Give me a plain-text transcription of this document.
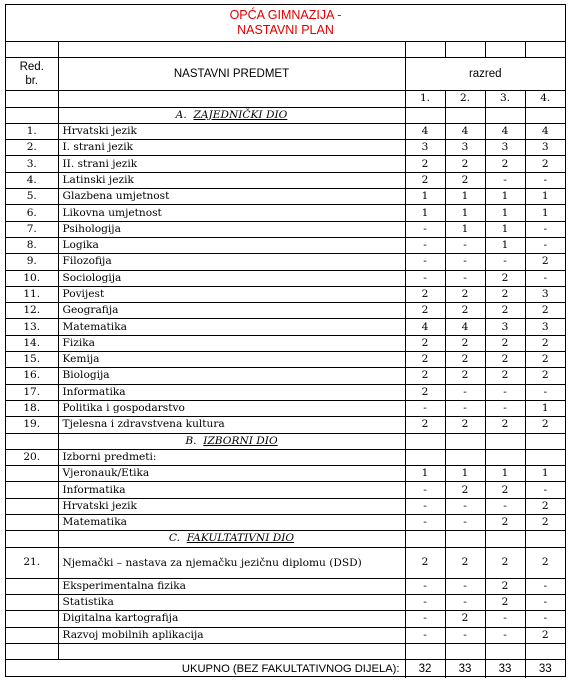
OPĆA GIMNAZIJA -
NASTAVNI PLAN

Red.
br.	NASTAVNI PREDMET	razred			

		1.	2.	3.	4.
	A. ZAJEDNIČKI DIO				
1.	Hrvatski jezik	4	4	4	4
2.	I. strani jezik	3	3	3	3
3.	II. strani jezik	2	2	2	2
4.	Latinski jezik	2	2	-	-
5.	Glazbena umjetnost	1	1	1	1
6.	Likovna umjetnost	1	1	1	1
7.	Psihologija	-	1	1	-
8.	Logika	-	-	1	-
9.	Filozofija	-	-	-	2
10.	Sociologija	-	-	2	-
11.	Povijest	2	2	2	3
12.	Geografija	2	2	2	2
13.	Matematika	4	4	3	3
14.	Fizika	2	2	2	2
15.	Kemija	2	2	2	2
16.	Biologija	2	2	2	2
17.	Informatika	2	-	-	-
18.	Politika i gospodarstvo	-	-	-	1
19.	Tjelesna i zdravstvena kultura	2	2	2	2
	B. IZBORNI DIO				
20.	Izborni predmeti:				
	Vjeronauk/Etika	1	1	1	1
	Informatika	-	2	2	-
	Hrvatski jezik	-	-	-	2
	Matematika	-	-	2	2
	C. FAKULTATIVNI DIO				
21.	Njemački – nastava za njemačku jezičnu diplomu (DSD)	2	2	2	2
	Eksperimentalna fizika	-	-	2	-
	Statistika	-	-	2	-
	Digitalna kartografija	-	2	-	-
	Razvoj mobilnih aplikacija	-	-	-	2

UKUPNO (BEZ FAKULTATIVNOG DIJELA):		32	33	33	33
